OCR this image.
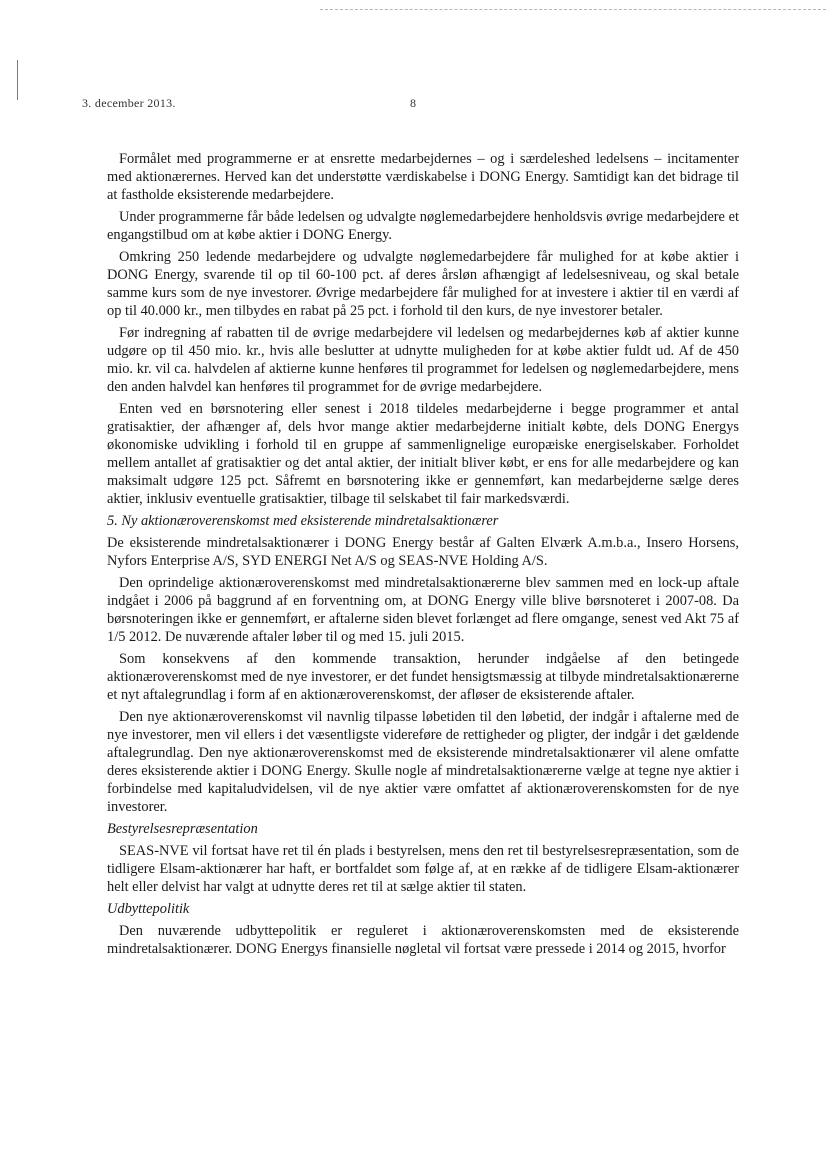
3. december 2013.	8

Formålet med programmerne er at ensrette medarbejdernes – og i særdeleshed ledelsens – incitamenter med aktionærernes. Herved kan det understøtte værdiskabelse i DONG Energy. Samtidigt kan det bidrage til at fastholde eksisterende medarbejdere.

Under programmerne får både ledelsen og udvalgte nøglemedarbejdere henholdsvis øvrige medarbejdere et engangstilbud om at købe aktier i DONG Energy.

Omkring 250 ledende medarbejdere og udvalgte nøglemedarbejdere får mulighed for at købe aktier i DONG Energy, svarende til op til 60-100 pct. af deres årsløn afhængigt af ledelsesniveau, og skal betale samme kurs som de nye investorer. Øvrige medarbejdere får mulighed for at investere i aktier til en værdi af op til 40.000 kr., men tilbydes en rabat på 25 pct. i forhold til den kurs, de nye investorer betaler.

Før indregning af rabatten til de øvrige medarbejdere vil ledelsen og medarbejdernes køb af aktier kunne udgøre op til 450 mio. kr., hvis alle beslutter at udnytte muligheden for at købe aktier fuldt ud. Af de 450 mio. kr. vil ca. halvdelen af aktierne kunne henføres til programmet for ledelsen og nøglemedarbejdere, mens den anden halvdel kan henføres til programmet for de øvrige medarbejdere.

Enten ved en børsnotering eller senest i 2018 tildeles medarbejderne i begge programmer et antal gratisaktier, der afhænger af, dels hvor mange aktier medarbejderne initialt købte, dels DONG Energys økonomiske udvikling i forhold til en gruppe af sammenlignelige europæiske energiselskaber. Forholdet mellem antallet af gratisaktier og det antal aktier, der initialt bliver købt, er ens for alle medarbejdere og kan maksimalt udgøre 125 pct. Såfremt en børsnotering ikke er gennemført, kan medarbejderne sælge deres aktier, inklusiv eventuelle gratisaktier, tilbage til selskabet til fair markedsværdi.

5. Ny aktionæroverenskomst med eksisterende mindretalsaktionærer

De eksisterende mindretalsaktionærer i DONG Energy består af Galten Elværk A.m.b.a., Insero Horsens, Nyfors Enterprise A/S, SYD ENERGI Net A/S og SEAS-NVE Holding A/S.

Den oprindelige aktionæroverenskomst med mindretalsaktionærerne blev sammen med en lock-up aftale indgået i 2006 på baggrund af en forventning om, at DONG Energy ville blive børsnoteret i 2007-08. Da børsnoteringen ikke er gennemført, er aftalerne siden blevet forlænget ad flere omgange, senest ved Akt 75 af 1/5 2012. De nuværende aftaler løber til og med 15. juli 2015.

Som konsekvens af den kommende transaktion, herunder indgåelse af den betingede aktionæroverenskomst med de nye investorer, er det fundet hensigtsmæssig at tilbyde mindretalsaktionærerne et nyt aftalegrundlag i form af en aktionæroverenskomst, der afløser de eksisterende aftaler.

Den nye aktionæroverenskomst vil navnlig tilpasse løbetiden til den løbetid, der indgår i aftalerne med de nye investorer, men vil ellers i det væsentligste videreføre de rettigheder og pligter, der indgår i det gældende aftalegrundlag. Den nye aktionæroverenskomst med de eksisterende mindretalsaktionærer vil alene omfatte deres eksisterende aktier i DONG Energy. Skulle nogle af mindretalsaktionærerne vælge at tegne nye aktier i forbindelse med kapitaludvidelsen, vil de nye aktier være omfattet af aktionæroverenskomsten for de nye investorer.

Bestyrelsesrepræsentation

SEAS-NVE vil fortsat have ret til én plads i bestyrelsen, mens den ret til bestyrelsesrepræsentation, som de tidligere Elsam-aktionærer har haft, er bortfaldet som følge af, at en række af de tidligere Elsam-aktionærer helt eller delvist har valgt at udnytte deres ret til at sælge aktier til staten.

Udbyttepolitik

Den nuværende udbyttepolitik er reguleret i aktionæroverenskomsten med de eksisterende mindretalsaktionærer. DONG Energys finansielle nøgletal vil fortsat være pressede i 2014 og 2015, hvorfor
